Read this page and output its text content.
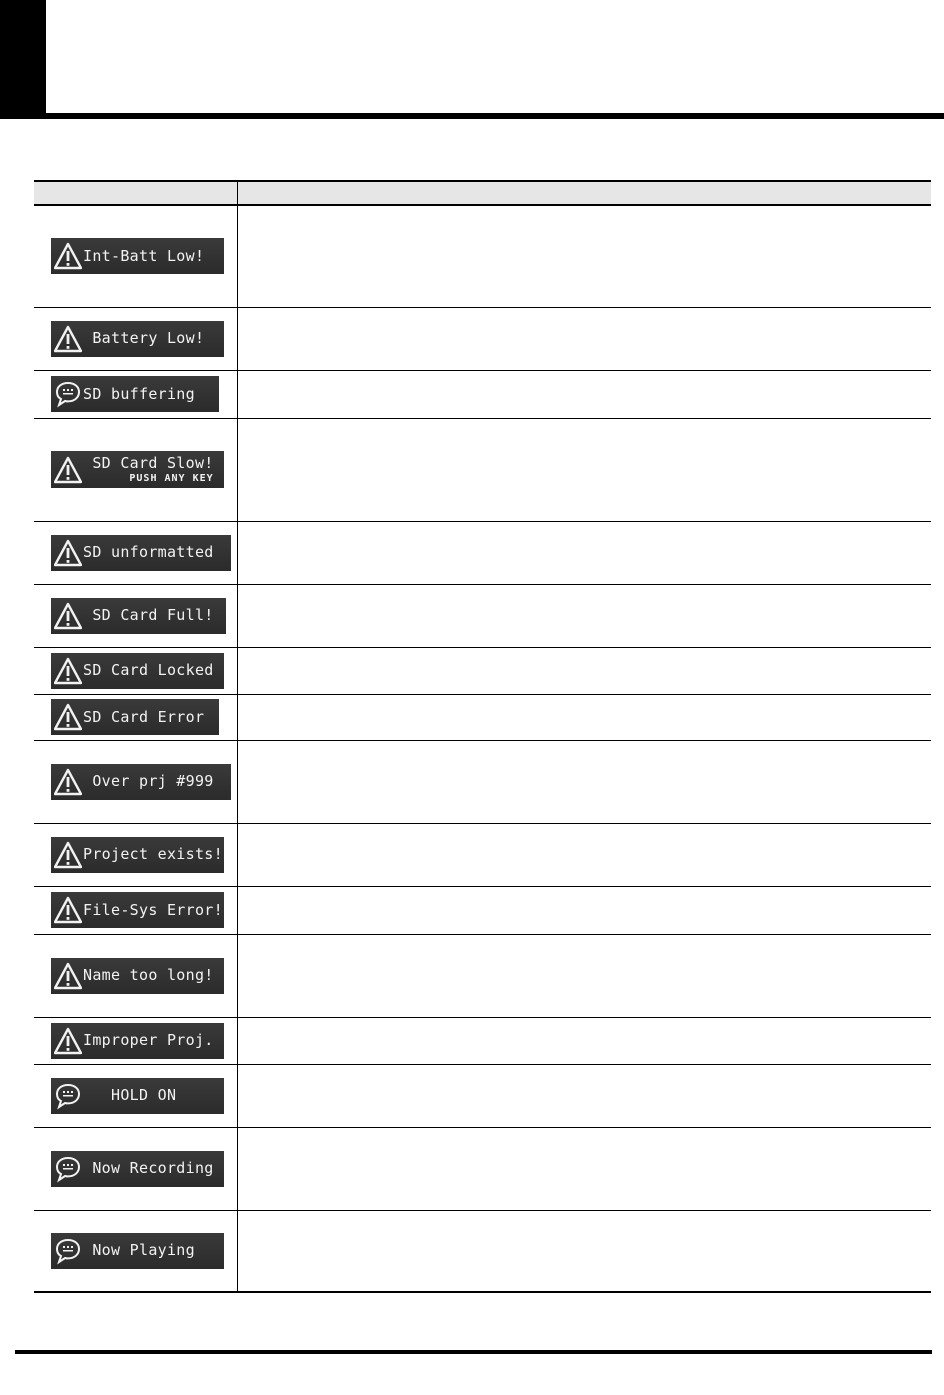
Int-Batt Low!	

Battery Low!	

SD buffering	

SD Card Slow!
PUSH ANY KEY	

SD unformatted	

SD Card Full!	

SD Card Locked	

SD Card Error	

Over prj #999	

Project exists!	

File-Sys Error!	

Name too long!	

Improper Proj.	

HOLD ON	

Now Recording	

Now Playing	
